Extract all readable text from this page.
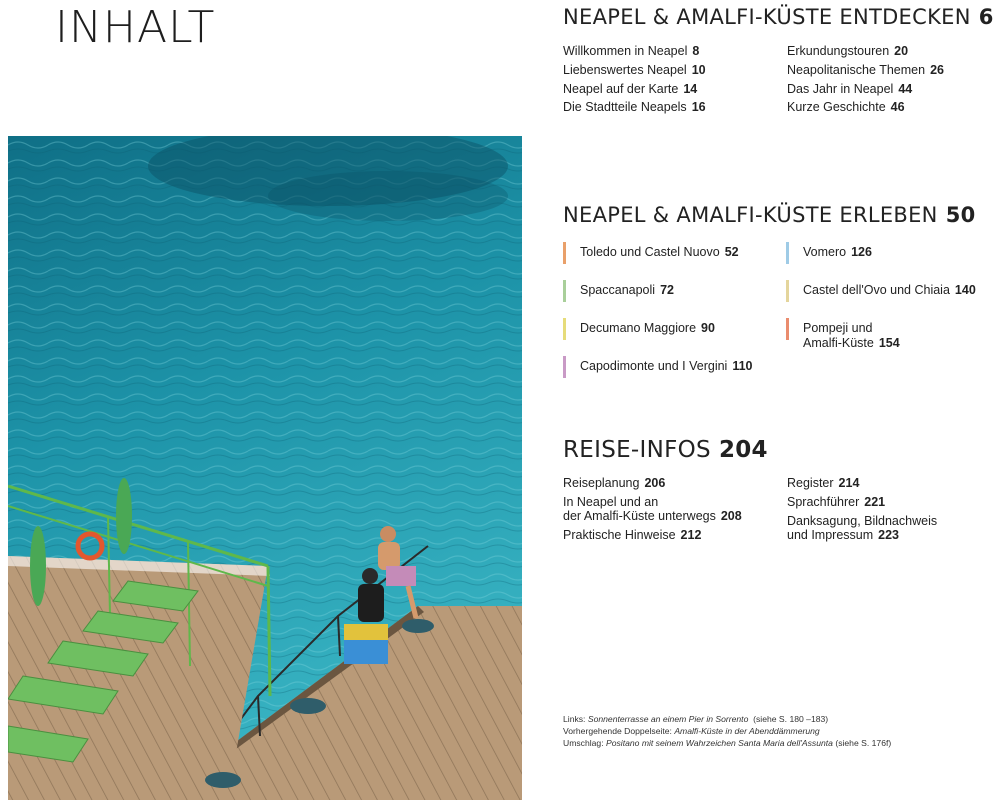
INHALT	NEAPEL & AMALFI-KÜSTE ENTDECKEN 6
Willkommen in Neapel 8
Liebenswertes Neapel 10
Neapel auf der Karte 14
Die Stadtteile Neapels 16
Erkundungstouren 20
Neapolitanische Themen 26
Das Jahr in Neapel 44
Kurze Geschichte 46
NEAPEL & AMALFI-KÜSTE ERLEBEN 50
Toledo und Castel Nuovo 52
Spaccanapoli 72
Decumano Maggiore 90
Capodimonte und I Vergini 110
Vomero 126
Castel dell'Ovo und Chiaia 140
Pompeji und
Amalfi-Küste 154
REISE-INFOS 204
Reiseplanung 206
In Neapel und an
der Amalfi-Küste unterwegs 208
Praktische Hinweise 212
Register 214
Sprachführer 221
Danksagung, Bildnachweis
und Impressum 223
Links: Sonnenterrasse an einem Pier in Sorrento (siehe S. 180 –183)
Vorhergehende Doppelseite: Amalfi-Küste in der Abenddämmerung
Umschlag: Positano mit seinem Wahrzeichen Santa Maria dell'Assunta (siehe S. 176f)
